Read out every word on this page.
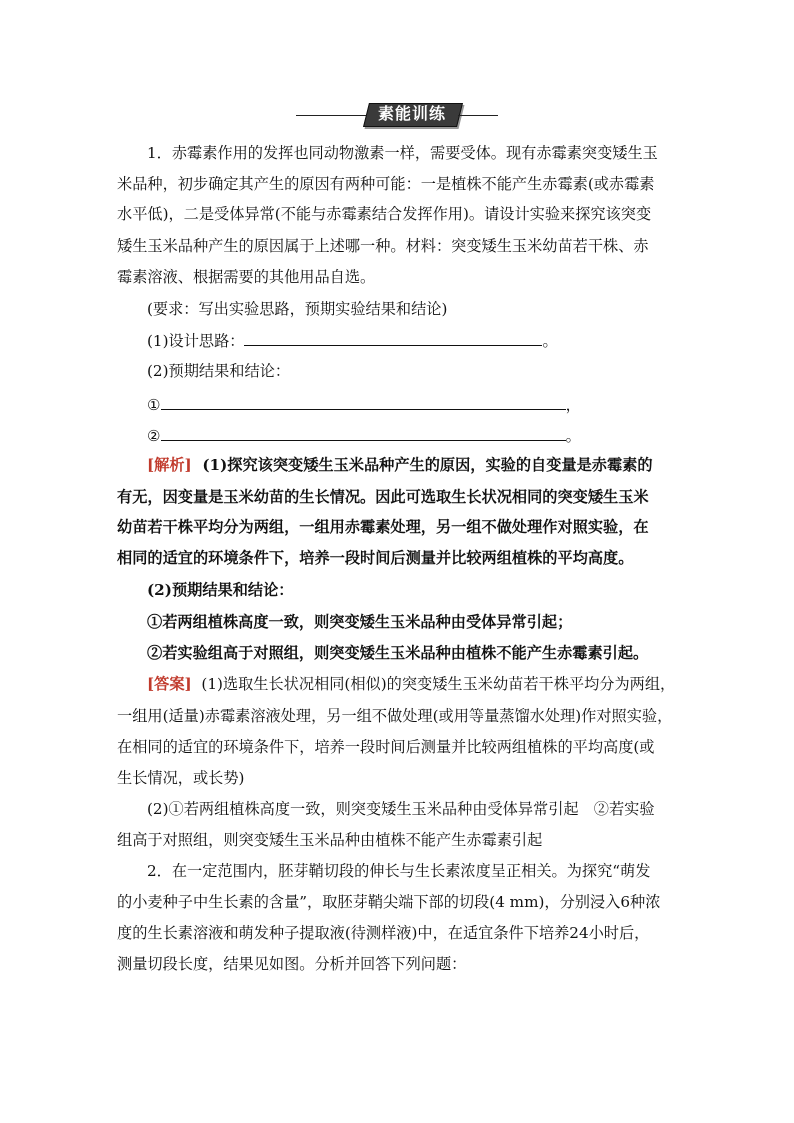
素能训练
1．赤霉素作用的发挥也同动物激素一样，需要受体。现有赤霉素突变矮生玉
米品种，初步确定其产生的原因有两种可能：一是植株不能产生赤霉素(或赤霉素
水平低)，二是受体异常(不能与赤霉素结合发挥作用)。请设计实验来探究该突变
矮生玉米品种产生的原因属于上述哪一种。材料：突变矮生玉米幼苗若干株、赤
霉素溶液、根据需要的其他用品自选。
(要求：写出实验思路，预期实验结果和结论)
(1)设计思路：	。
(2)预期结果和结论：
①	，
②	。
[解析] (1)探究该突变矮生玉米品种产生的原因，实验的自变量是赤霉素的
有无，因变量是玉米幼苗的生长情况。因此可选取生长状况相同的突变矮生玉米
幼苗若干株平均分为两组，一组用赤霉素处理，另一组不做处理作对照实验，在
相同的适宜的环境条件下，培养一段时间后测量并比较两组植株的平均高度。
(2)预期结果和结论：
①若两组植株高度一致，则突变矮生玉米品种由受体异常引起；
②若实验组高于对照组，则突变矮生玉米品种由植株不能产生赤霉素引起。
[答案] (1)选取生长状况相同(相似)的突变矮生玉米幼苗若干株平均分为两组，
一组用(适量)赤霉素溶液处理，另一组不做处理(或用等量蒸馏水处理)作对照实验，
在相同的适宜的环境条件下，培养一段时间后测量并比较两组植株的平均高度(或
生长情况，或长势)
(2)①若两组植株高度一致，则突变矮生玉米品种由受体异常引起　②若实验
组高于对照组，则突变矮生玉米品种由植株不能产生赤霉素引起
2．在一定范围内，胚芽鞘切段的伸长与生长素浓度呈正相关。为探究“萌发
的小麦种子中生长素的含量”，取胚芽鞘尖端下部的切段(4 mm)，分别浸入6种浓
度的生长素溶液和萌发种子提取液(待测样液)中，在适宜条件下培养24小时后，
测量切段长度，结果见如图。分析并回答下列问题：
